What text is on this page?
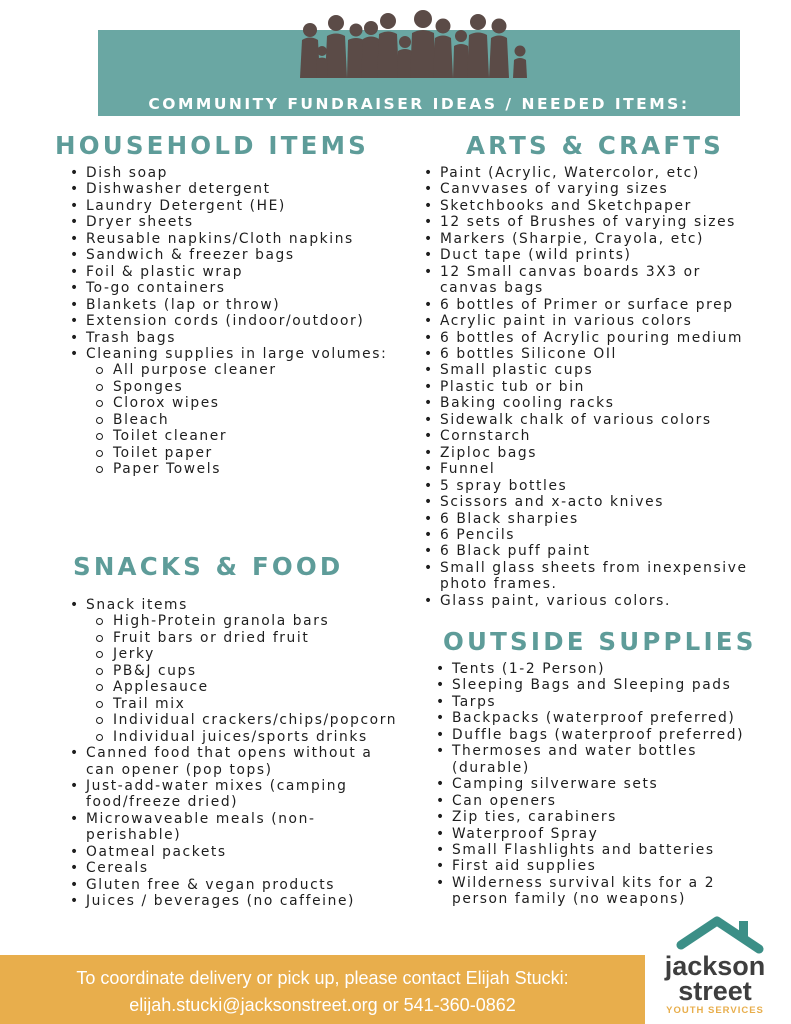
COMMUNITY FUNDRAISER IDEAS / NEEDED ITEMS:
HOUSEHOLD ITEMS	ARTS & CRAFTS
SNACKS & FOOD
OUTSIDE SUPPLIES
• Dish soap
• Dishwasher detergent
• Laundry Detergent (HE)
• Dryer sheets
• Reusable napkins/Cloth napkins
• Sandwich & freezer bags
• Foil & plastic wrap
• To-go containers
• Blankets (lap or throw)
• Extension cords (indoor/outdoor)
• Trash bags
• Cleaning supplies in large volumes:
All purpose cleaner
Sponges
Clorox wipes
Bleach
Toilet cleaner
Toilet paper
Paper Towels
• Snack items
High-Protein granola bars
Fruit bars or dried fruit
Jerky
PB&J cups
Applesauce
Trail mix
Individual crackers/chips/popcorn
Individual juices/sports drinks
• Canned food that opens without a
can opener (pop tops)
• Just-add-water mixes (camping
food/freeze dried)
• Microwaveable meals (non-
perishable)
• Oatmeal packets
• Cereals
• Gluten free & vegan products
• Juices / beverages (no caffeine)
• Paint (Acrylic, Watercolor, etc)
• Canvvases of varying sizes
• Sketchbooks and Sketchpaper
• 12 sets of Brushes of varying sizes
• Markers (Sharpie, Crayola, etc)
• Duct tape (wild prints)
• 12 Small canvas boards 3X3 or
canvas bags
• 6 bottles of Primer or surface prep
• Acrylic paint in various colors
• 6 bottles of Acrylic pouring medium
• 6 bottles Silicone OIl
• Small plastic cups
• Plastic tub or bin
• Baking cooling racks
• Sidewalk chalk of various colors
• Cornstarch
• Ziploc bags
• Funnel
• 5 spray bottles
• Scissors and x-acto knives
• 6 Black sharpies
• 6 Pencils
• 6 Black puff paint
• Small glass sheets from inexpensive
photo frames.
• Glass paint, various colors.
• Tents (1-2 Person)
• Sleeping Bags and Sleeping pads
• Tarps
• Backpacks (waterproof preferred)
• Duffle bags (waterproof preferred)
• Thermoses and water bottles
(durable)
• Camping silverware sets
• Can openers
• Zip ties, carabiners
• Waterproof Spray
• Small Flashlights and batteries
• First aid supplies
• Wilderness survival kits for a 2
person family (no weapons)
To coordinate delivery or pick up, please contact Elijah Stucki:
elijah.stucki@jacksonstreet.org or 541-360-0862
jackson
street
YOUTH SERVICES
